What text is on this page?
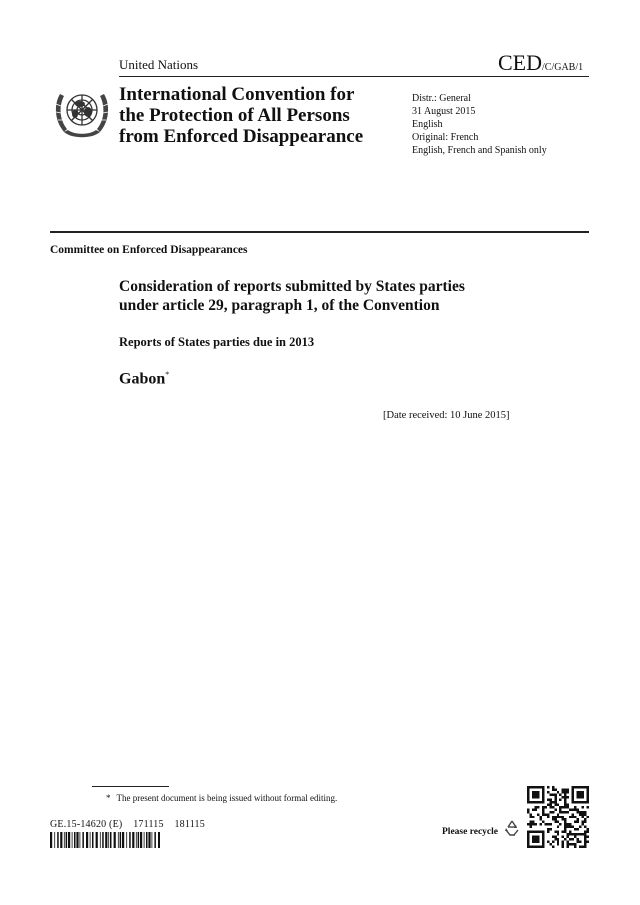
United Nations	CED/C/GAB/1
International Convention for
the Protection of All Persons
from Enforced Disappearance
Distr.: General
31 August 2015
English
Original: French
English, French and Spanish only
Committee on Enforced Disappearances
Consideration of reports submitted by States parties
under article 29, paragraph 1, of the Convention
Reports of States parties due in 2013
Gabon*
[Date received: 10 June 2015]
* The present document is being issued without formal editing.
GE.15-14620 (E)    171115    181115
Please recycle
